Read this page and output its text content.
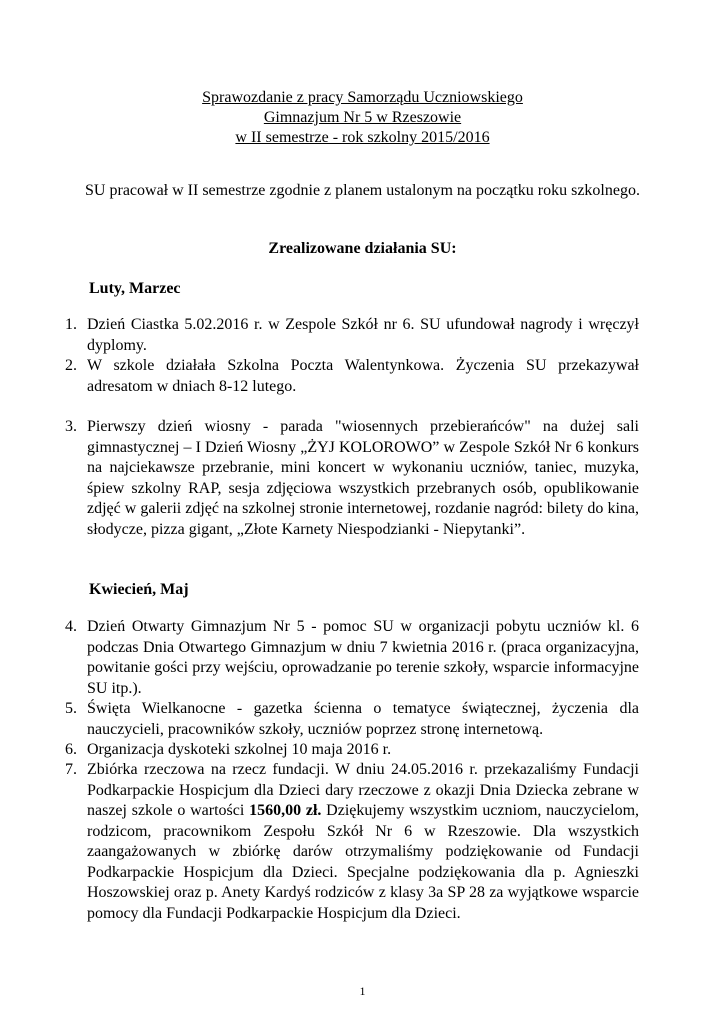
Sprawozdanie z pracy Samorządu Uczniowskiego
Gimnazjum Nr 5 w Rzeszowie
w II semestrze - rok szkolny 2015/2016
SU pracował w II semestrze zgodnie z planem ustalonym na początku roku szkolnego.
Zrealizowane działania SU:
Luty, Marzec
1. Dzień Ciastka 5.02.2016 r. w Zespole Szkół nr 6. SU ufundował nagrody i wręczył dyplomy.
2. W szkole działała Szkolna Poczta Walentynkowa. Życzenia SU przekazywał adresatom w dniach 8-12 lutego.
3. Pierwszy dzień wiosny - parada "wiosennych przebierańców" na dużej sali gimnastycznej – I Dzień Wiosny „ŻYJ KOLOROWO” w Zespole Szkół Nr 6 konkurs na najciekawsze przebranie, mini koncert w wykonaniu uczniów, taniec, muzyka, śpiew szkolny RAP, sesja zdjęciowa wszystkich przebranych osób, opublikowanie zdjęć w galerii zdjęć na szkolnej stronie internetowej, rozdanie nagród: bilety do kina, słodycze, pizza gigant, „Złote Karnety Niespodzianki - Niepytanki”.
Kwiecień, Maj
4. Dzień Otwarty Gimnazjum Nr 5 - pomoc SU w organizacji pobytu uczniów kl. 6 podczas Dnia Otwartego Gimnazjum w dniu 7 kwietnia 2016 r. (praca organizacyjna, powitanie gości przy wejściu, oprowadzanie po terenie szkoły, wsparcie informacyjne SU itp.).
5. Święta Wielkanocne - gazetka ścienna o tematyce świątecznej, życzenia dla nauczycieli, pracowników szkoły, uczniów poprzez stronę internetową.
6. Organizacja dyskoteki szkolnej 10 maja 2016 r.
7. Zbiórka rzeczowa na rzecz fundacji. W dniu 24.05.2016 r. przekazaliśmy Fundacji Podkarpackie Hospicjum dla Dzieci dary rzeczowe z okazji Dnia Dziecka zebrane w naszej szkole o wartości 1560,00 zł. Dziękujemy wszystkim uczniom, nauczycielom, rodzicom, pracownikom Zespołu Szkół Nr 6 w Rzeszowie. Dla wszystkich zaangażowanych w zbiórkę darów otrzymaliśmy podziękowanie od Fundacji Podkarpackie Hospicjum dla Dzieci. Specjalne podziękowania dla p. Agnieszki Hoszowskiej oraz p. Anety Kardyś rodziców z klasy 3a SP 28 za wyjątkowe wsparcie pomocy dla Fundacji Podkarpackie Hospicjum dla Dzieci.
1
